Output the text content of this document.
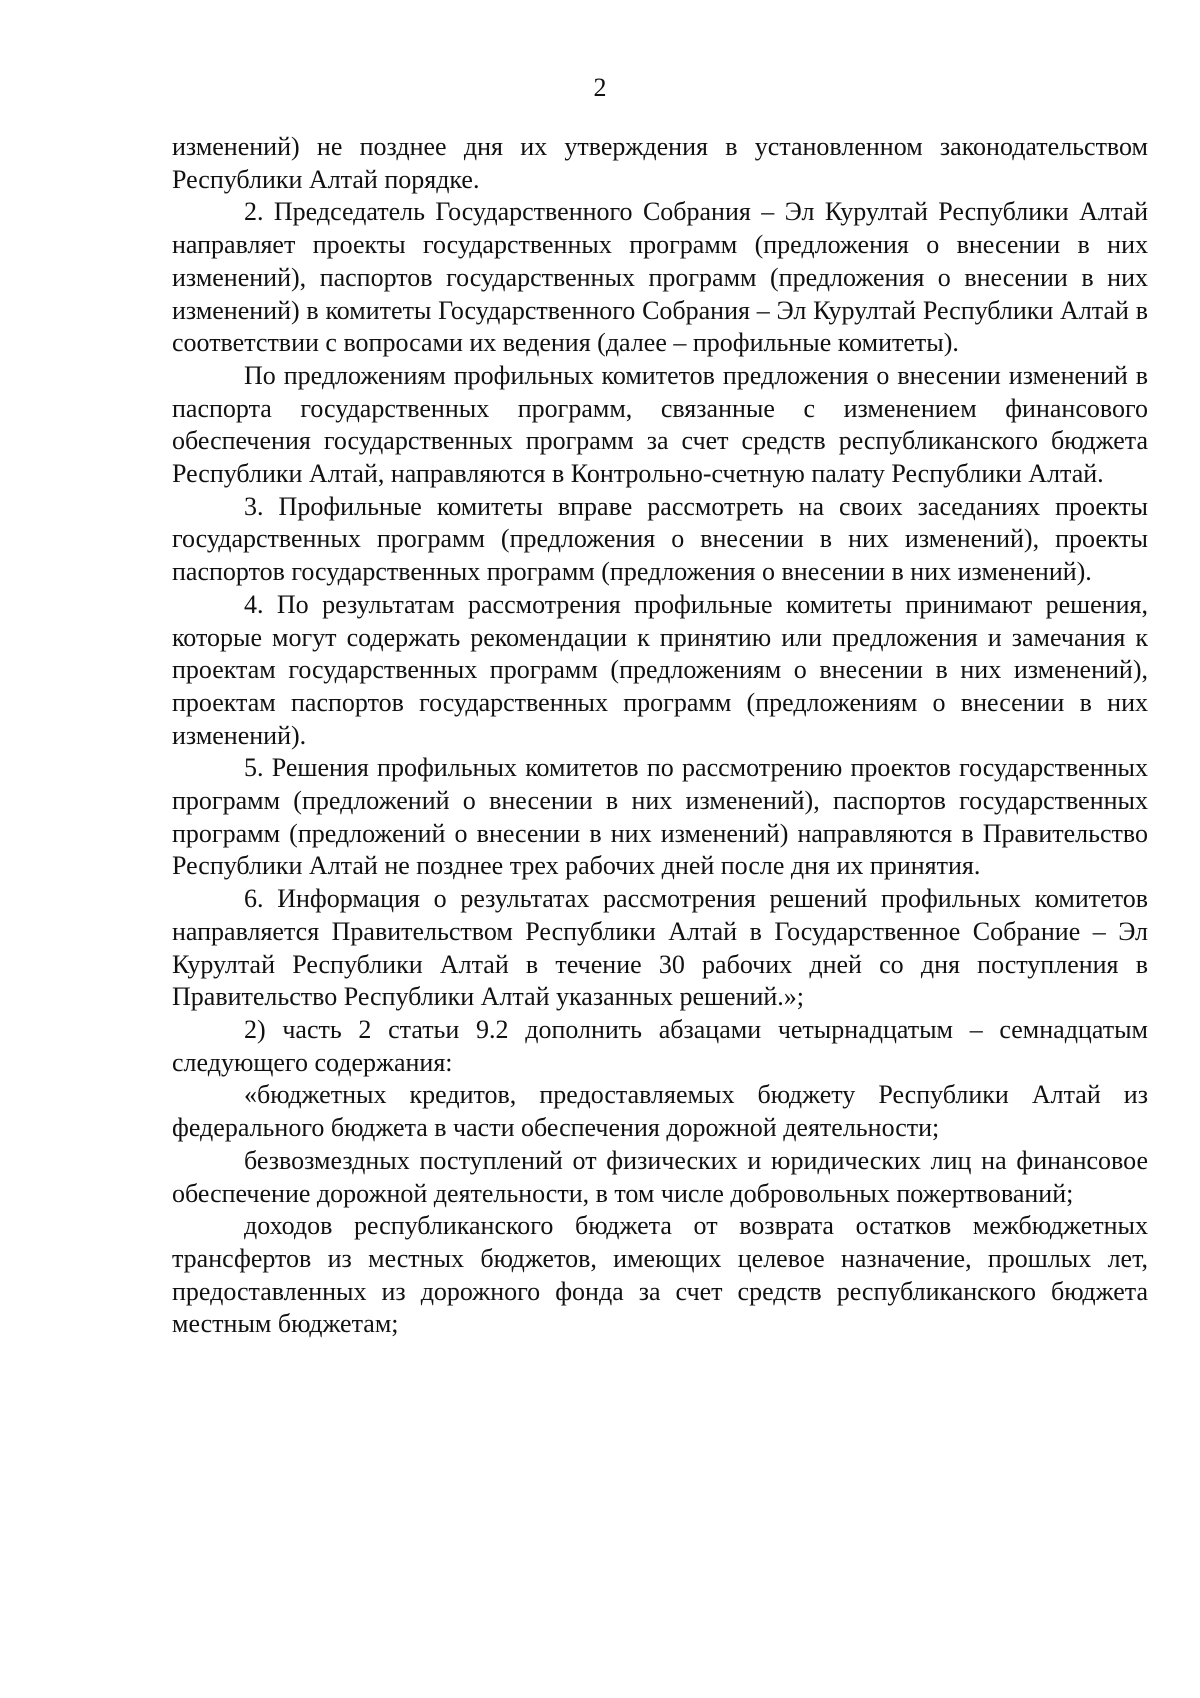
2

изменений) не позднее дня их утверждения в установленном законодательством Республики Алтай порядке.

2. Председатель Государственного Собрания – Эл Курултай Республики Алтай направляет проекты государственных программ (предложения о внесении в них изменений), паспортов государственных программ (предложения о внесении в них изменений) в комитеты Государственного Собрания – Эл Курултай Республики Алтай в соответствии с вопросами их ведения (далее – профильные комитеты).

По предложениям профильных комитетов предложения о внесении изменений в паспорта государственных программ, связанные с изменением финансового обеспечения государственных программ за счет средств республиканского бюджета Республики Алтай, направляются в Контрольно-счетную палату Республики Алтай.

3. Профильные комитеты вправе рассмотреть на своих заседаниях проекты государственных программ (предложения о внесении в них изменений), проекты паспортов государственных программ (предложения о внесении в них изменений).

4. По результатам рассмотрения профильные комитеты принимают решения, которые могут содержать рекомендации к принятию или предложения и замечания к проектам государственных программ (предложениям о внесении в них изменений), проектам паспортов государственных программ (предложениям о внесении в них изменений).

5. Решения профильных комитетов по рассмотрению проектов государственных программ (предложений о внесении в них изменений), паспортов государственных программ (предложений о внесении в них изменений) направляются в Правительство Республики Алтай не позднее трех рабочих дней после дня их принятия.

6. Информация о результатах рассмотрения решений профильных комитетов направляется Правительством Республики Алтай в Государственное Собрание – Эл Курултай Республики Алтай в течение 30 рабочих дней со дня поступления в Правительство Республики Алтай указанных решений.»;

2) часть 2 статьи 9.2 дополнить абзацами четырнадцатым – семнадцатым следующего содержания:

«бюджетных кредитов, предоставляемых бюджету Республики Алтай из федерального бюджета в части обеспечения дорожной деятельности;

безвозмездных поступлений от физических и юридических лиц на финансовое обеспечение дорожной деятельности, в том числе добровольных пожертвований;

доходов республиканского бюджета от возврата остатков межбюджетных трансфертов из местных бюджетов, имеющих целевое назначение, прошлых лет, предоставленных из дорожного фонда за счет средств республиканского бюджета местным бюджетам;
